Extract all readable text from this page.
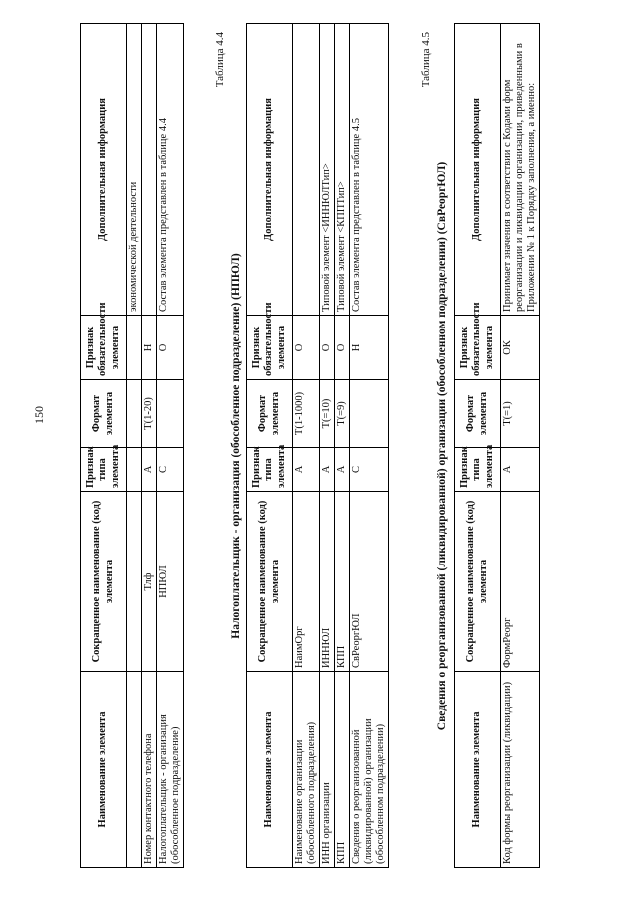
150
Наименование элемента	Сокращенное наименование (код) элемента	Признак типа элемента	Формат элемента	Признак обязательности элемента	Дополнительная информация
					экономической деятельности
Номер контактного телефона	Тлф	А	T(1-20)	Н	
Налогоплательщик - организация (обособленное подразделение)	НПЮЛ	С		О	Состав элемента представлен в таблице 4.4
Таблица 4.4
Налогоплательщик - организация (обособленное подразделение) (НПЮЛ)
Наименование элемента	Сокращенное наименование (код) элемента	Признак типа элемента	Формат элемента	Признак обязательности элемента	Дополнительная информация
Наименование организации (обособленного подразделения)	НаимОрг	А	T(1-1000)	О	
ИНН организации	ИННЮЛ	А	T(=10)	О	Типовой элемент <ИННЮЛТип>
КПП	КПП	А	T(=9)	О	Типовой элемент <КППТип>
Сведения о реорганизованной (ликвидированной) организации (обособленном подразделении)	СвРеоргЮЛ	С		Н	Состав элемента представлен в таблице 4.5
Таблица 4.5
Сведения о реорганизованной (ликвидированной) организации (обособленном подразделении) (СвРеоргЮЛ)
Наименование элемента	Сокращенное наименование (код) элемента	Признак типа элемента	Формат элемента	Признак обязательности элемента	Дополнительная информация
Код формы реорганизации (ликвидации)	ФормРеорг	А	T(=1)	ОК	Принимает значения в соответствии с Кодами форм реорганизации и ликвидации организации, приведенными в Приложении № 1 к Порядку заполнения, а именно:
